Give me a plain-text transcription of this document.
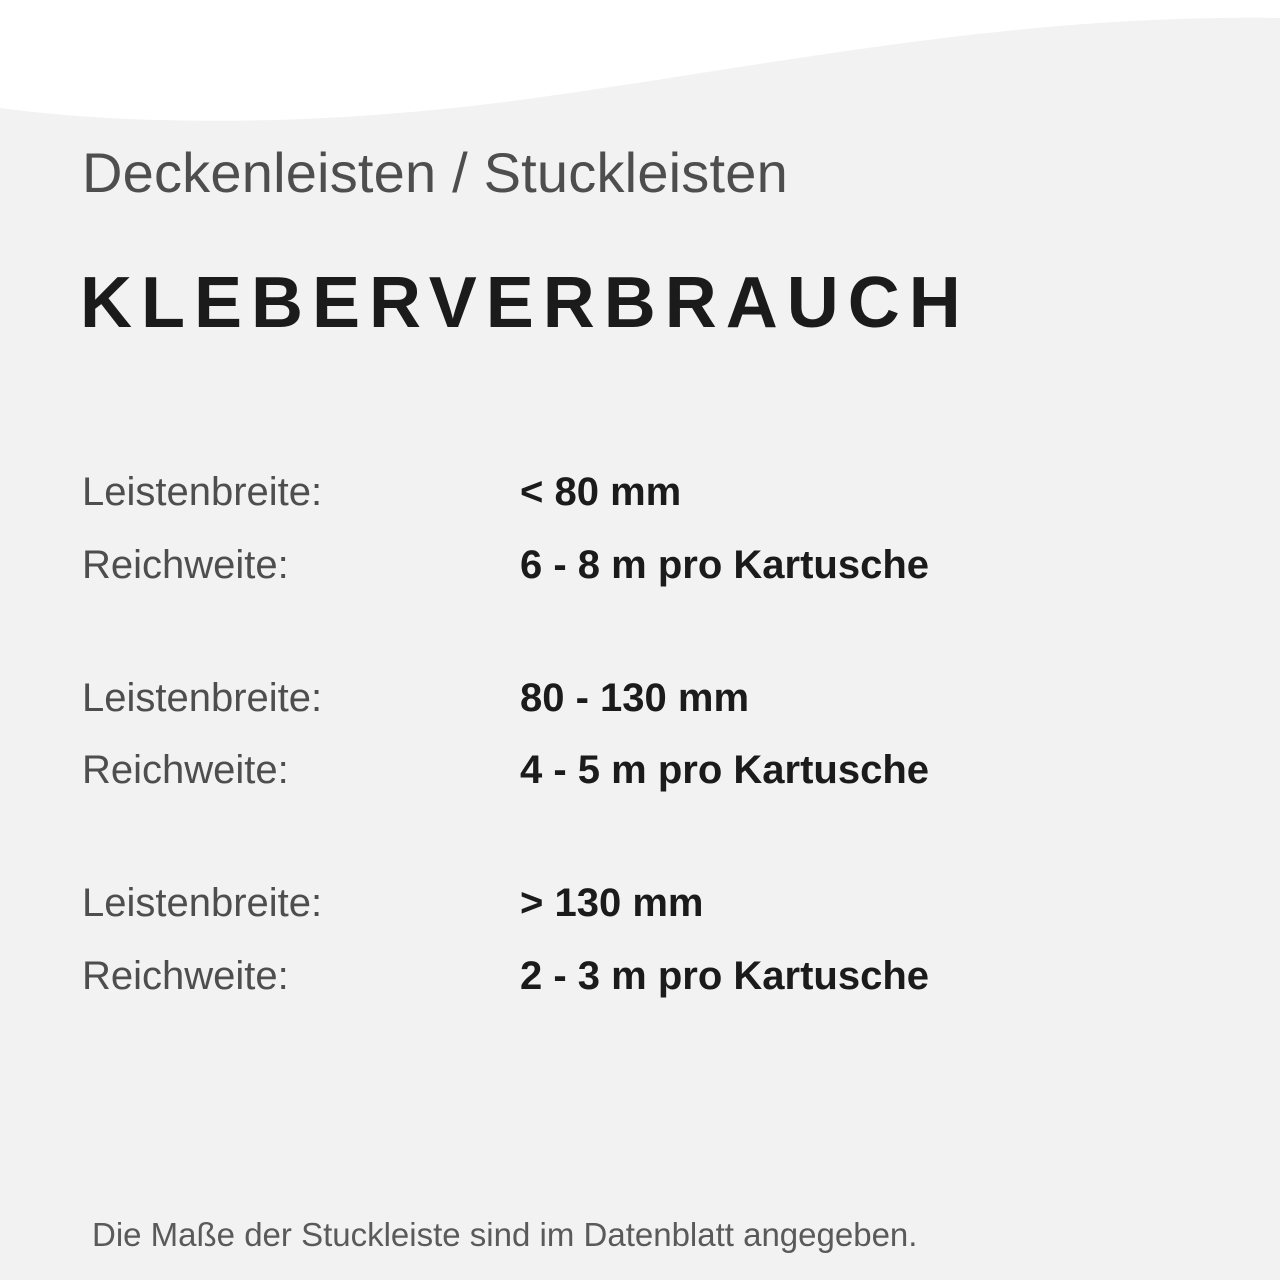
Deckenleisten / Stuckleisten
KLEBERVERBRAUCH
Leistenbreite:	< 80 mm
Reichweite:	6 - 8 m pro Kartusche
Leistenbreite:	80 - 130 mm
Reichweite:	4 - 5 m pro Kartusche
Leistenbreite:	> 130 mm
Reichweite:	2 - 3 m pro Kartusche
Die Maße der Stuckleiste sind im Datenblatt angegeben.
